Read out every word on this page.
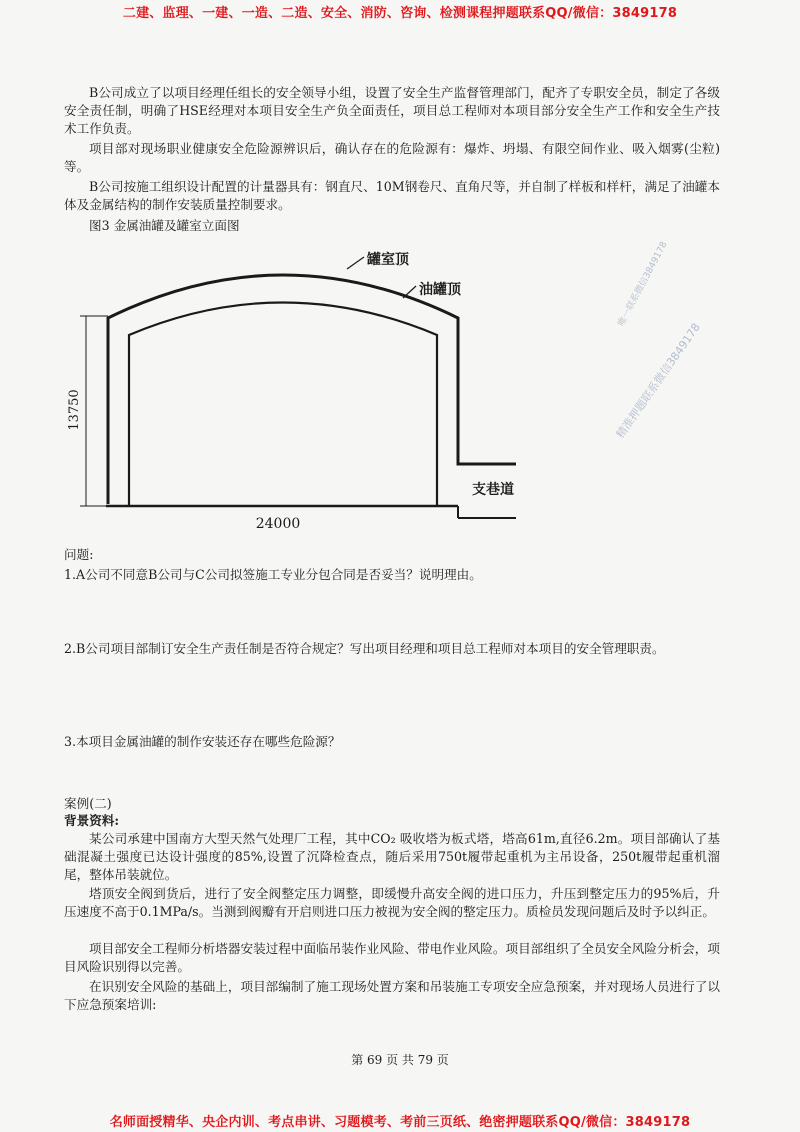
二建、监理、一建、一造、二造、安全、消防、咨询、检测课程押题联系QQ/微信：3849178

B公司成立了以项目经理任组长的安全领导小组，设置了安全生产监督管理部门，配齐了专职安全员，制定了各级安全责任制，明确了HSE经理对本项目安全生产负全面责任，项目总工程师对本项目部分安全生产工作和安全生产技术工作负责。

项目部对现场职业健康安全危险源辨识后，确认存在的危险源有：爆炸、坍塌、有限空间作业、吸入烟雾(尘粒)等。

B公司按施工组织设计配置的计量器具有：钢直尺、10M钢卷尺、直角尺等，并自制了样板和样杆，满足了油罐本体及金属结构的制作安装质量控制要求。

图3 金属油罐及罐室立面图
唯一联系微信3849178
精准押题联系微信3849178
罐室顶
油罐顶
支巷道
13750
24000
问题:
1.A公司不同意B公司与C公司拟签施工专业分包合同是否妥当？说明理由。
2.B公司项目部制订安全生产责任制是否符合规定？写出项目经理和项目总工程师对本项目的安全管理职责。
3.本项目金属油罐的制作安装还存在哪些危险源？
案例(二)
背景资料:

某公司承建中国南方大型天然气处理厂工程，其中CO₂ 吸收塔为板式塔，塔高61m,直径6.2m。项目部确认了基础混凝土强度已达设计强度的85%,设置了沉降检查点，随后采用750t履带起重机为主吊设备，250t履带起重机溜尾，整体吊装就位。

塔顶安全阀到货后，进行了安全阀整定压力调整，即缓慢升高安全阀的进口压力，升压到整定压力的95%后，升压速度不高于0.1MPa/s。当测到阀瓣有开启则进口压力被视为安全阀的整定压力。质检员发现问题后及时予以纠正。

项目部安全工程师分析塔器安装过程中面临吊装作业风险、带电作业风险。项目部组织了全员安全风险分析会，项目风险识别得以完善。

在识别安全风险的基础上，项目部编制了施工现场处置方案和吊装施工专项安全应急预案，并对现场人员进行了以下应急预案培训:

第 69 页 共 79 页
名师面授精华、央企内训、考点串讲、习题模考、考前三页纸、绝密押题联系QQ/微信：3849178
